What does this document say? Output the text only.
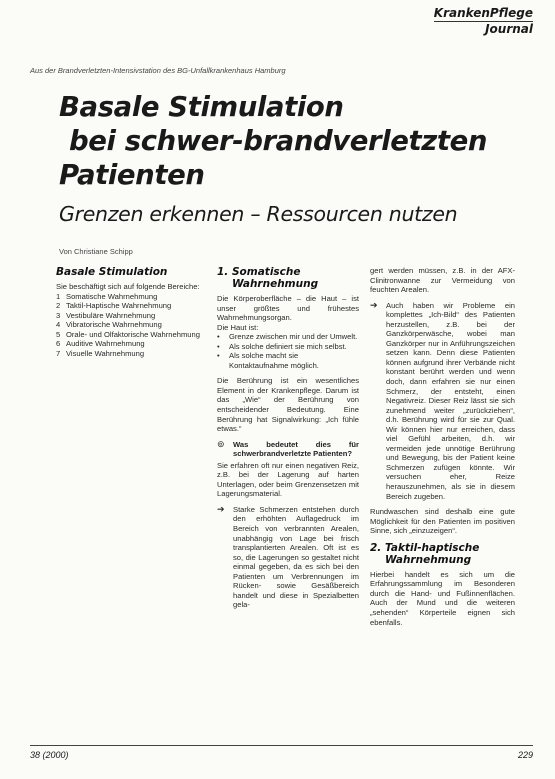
KrankenPflege
Journal
Aus der Brandverletzten-Intensivstation des BG-Unfallkrankenhaus Hamburg
Basale Stimulation
bei schwer-brandverletzten
Patienten
Grenzen erkennen – Ressourcen nutzen
Von Christiane Schipp
Basale Stimulation

Sie beschäftigt sich auf folgende Bereiche:

1 Somatische Wahrnehmung
2 Taktil-Haptische Wahrnehmung
3 Vestibuläre Wahrnehmung
4 Vibratorische Wahrnehmung
5 Orale- und Olfaktorische Wahrnehmung
6 Auditive Wahrnehmung
7 Visuelle Wahrnehmung
1. Somatische Wahrnehmung

Die Körperoberfläche – die Haut – ist unser größtes und frühestes Wahrnehmungsorgan.

Die Haut ist:

•	Grenze zwischen mir und der Umwelt.
•	Als solche definiert sie mich selbst.
•	Als solche macht sie Kontaktaufnahme möglich.

Die Berührung ist ein wesentliches Element in der Krankenpflege. Darum ist das „Wie“ der Berührung von entscheidender Bedeutung. Eine Berührung hat Signalwirkung: „Ich fühle etwas.“

⊚	Was bedeutet dies für schwerbrandverletzte Patienten?

Sie erfahren oft nur einen negativen Reiz, z.B. bei der Lagerung auf harten Unterlagen, oder beim Grenzensetzen mit Lagerungsmaterial.

➔	Starke Schmerzen entstehen durch den erhöhten Auflagedruck im Bereich von verbrannten Arealen, unabhängig von Lage bei frisch transplantierten Arealen. Oft ist es so, die Lagerungen so gestaltet nicht einmal gegeben, da es sich bei den Patienten um Verbrennungen im Rücken- sowie Gesäßbereich handelt und diese in Spezialbetten gela-

gert werden müssen, z.B. in der AFX-Clinitronwanne zur Vermeidung von feuchten Arealen.

➔	Auch haben wir Probleme ein komplettes „Ich-Bild“ des Patienten herzustellen, z.B. bei der Ganzkörperwäsche, wobei man Ganzkörper nur in Anführungszeichen setzen kann. Denn diese Patienten können aufgrund ihrer Verbände nicht konstant berührt werden und wenn doch, dann erfahren sie nur einen Schmerz, der entsteht, einen Negativreiz. Dieser Reiz lässt sie sich zunehmend weiter „zurückziehen“, d.h. Berührung wird für sie zur Qual. Wir können hier nur erreichen, dass viel Gefühl arbeiten, d.h. wir vermeiden jede unnötige Berührung und Bewegung, bis der Patient keine Schmerzen zufügen könnte. Wir versuchen eher, Reize herauszunehmen, als sie in diesem Bereich zugeben.

Rundwaschen sind deshalb eine gute Möglichkeit für den Patienten im positiven Sinne, sich „einzuzeigen“.

2. Taktil-haptische Wahrnehmung

Hierbei handelt es sich um die Erfahrungssammlung im Besonderen durch die Hand- und Fußinnenflächen. Auch der Mund und die weiteren „sehenden“ Körperteile eignen sich ebenfalls.

38 (2000)	229
